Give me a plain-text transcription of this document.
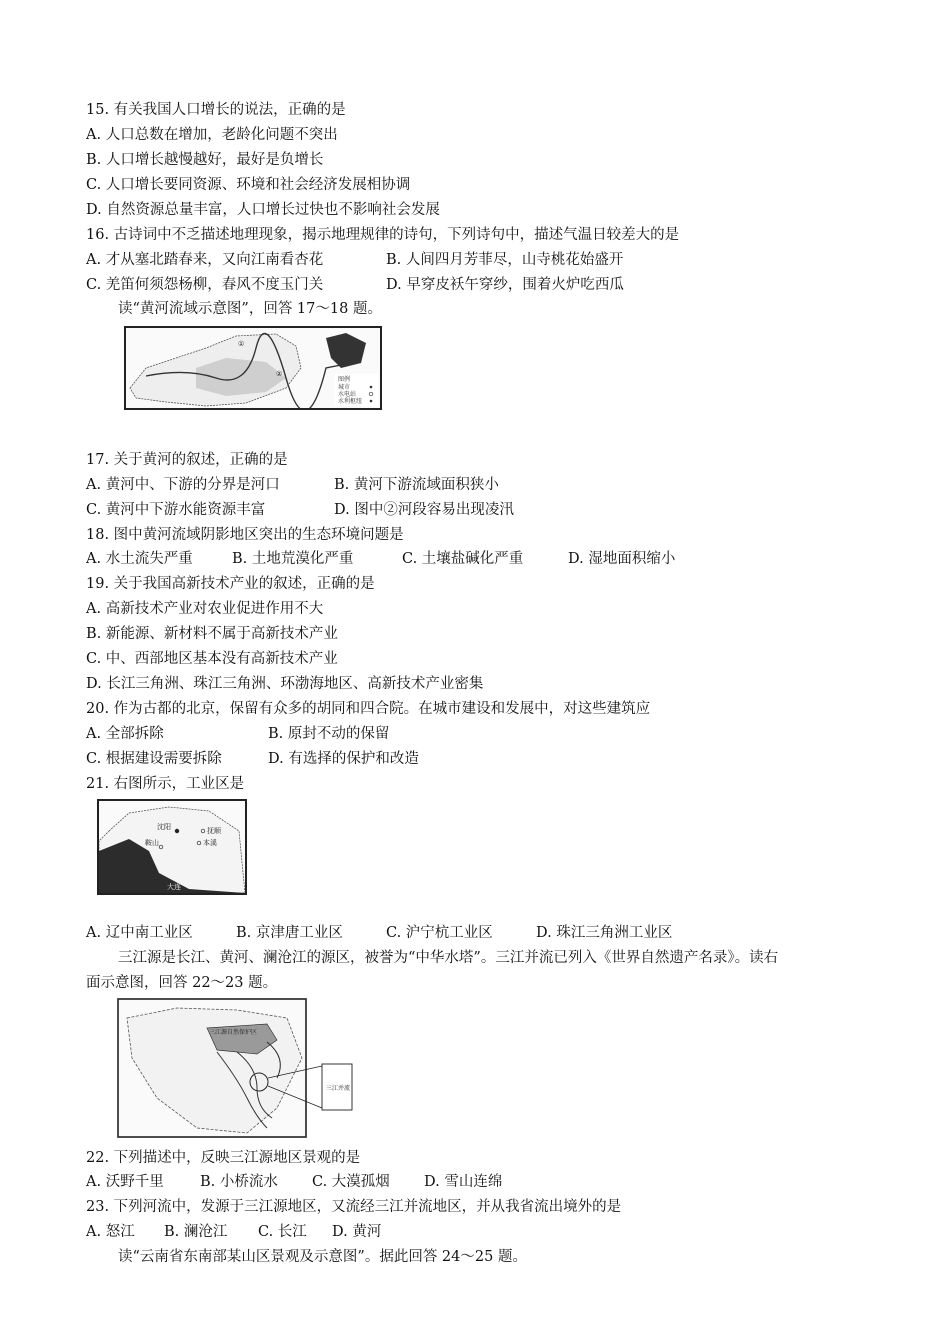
15. 有关我国人口增长的说法，正确的是
A. 人口总数在增加，老龄化问题不突出
B. 人口增长越慢越好，最好是负增长
C. 人口增长要同资源、环境和社会经济发展相协调
D. 自然资源总量丰富，人口增长过快也不影响社会发展
16. 古诗词中不乏描述地理现象，揭示地理规律的诗句，下列诗句中，描述气温日较差大的是
A. 才从塞北踏春来，又向江南看杏花	B. 人间四月芳菲尽，山寺桃花始盛开
C. 羌笛何须怨杨柳，春风不度玉门关	D. 早穿皮袄午穿纱，围着火炉吃西瓜
读“黄河流域示意图”，回答 17～18 题。
①
②
图例
城市
水电站
水利枢纽
17. 关于黄河的叙述，正确的是
A. 黄河中、下游的分界是河口	B. 黄河下游流域面积狭小
C. 黄河中下游水能资源丰富	D. 图中②河段容易出现凌汛
18. 图中黄河流域阴影地区突出的生态环境问题是
A. 水土流失严重	B. 土地荒漠化严重	C. 土壤盐碱化严重	D. 湿地面积缩小
19. 关于我国高新技术产业的叙述，正确的是
A. 高新技术产业对农业促进作用不大
B. 新能源、新材料不属于高新技术产业
C. 中、西部地区基本没有高新技术产业
D. 长江三角洲、珠江三角洲、环渤海地区、高新技术产业密集
20. 作为古都的北京，保留有众多的胡同和四合院。在城市建设和发展中，对这些建筑应
A. 全部拆除	B. 原封不动的保留
C. 根据建设需要拆除	D. 有选择的保护和改造
21. 右图所示，工业区是
沈阳	抚顺
鞍山	本溪
大连
A. 辽中南工业区	B. 京津唐工业区	C. 沪宁杭工业区	D. 珠江三角洲工业区
三江源是长江、黄河、澜沧江的源区，被誉为“中华水塔”。三江并流已列入《世界自然遗产名录》。读右
面示意图，回答 22～23 题。
三江源自然保护区
三江并流
22. 下列描述中，反映三江源地区景观的是
A. 沃野千里	B. 小桥流水 C. 大漠孤烟 D. 雪山连绵
23. 下列河流中，发源于三江源地区，又流经三江并流地区，并从我省流出境外的是
A. 怒江 B. 澜沧江 C. 长江 D. 黄河
读“云南省东南部某山区景观及示意图”。据此回答 24～25 题。
